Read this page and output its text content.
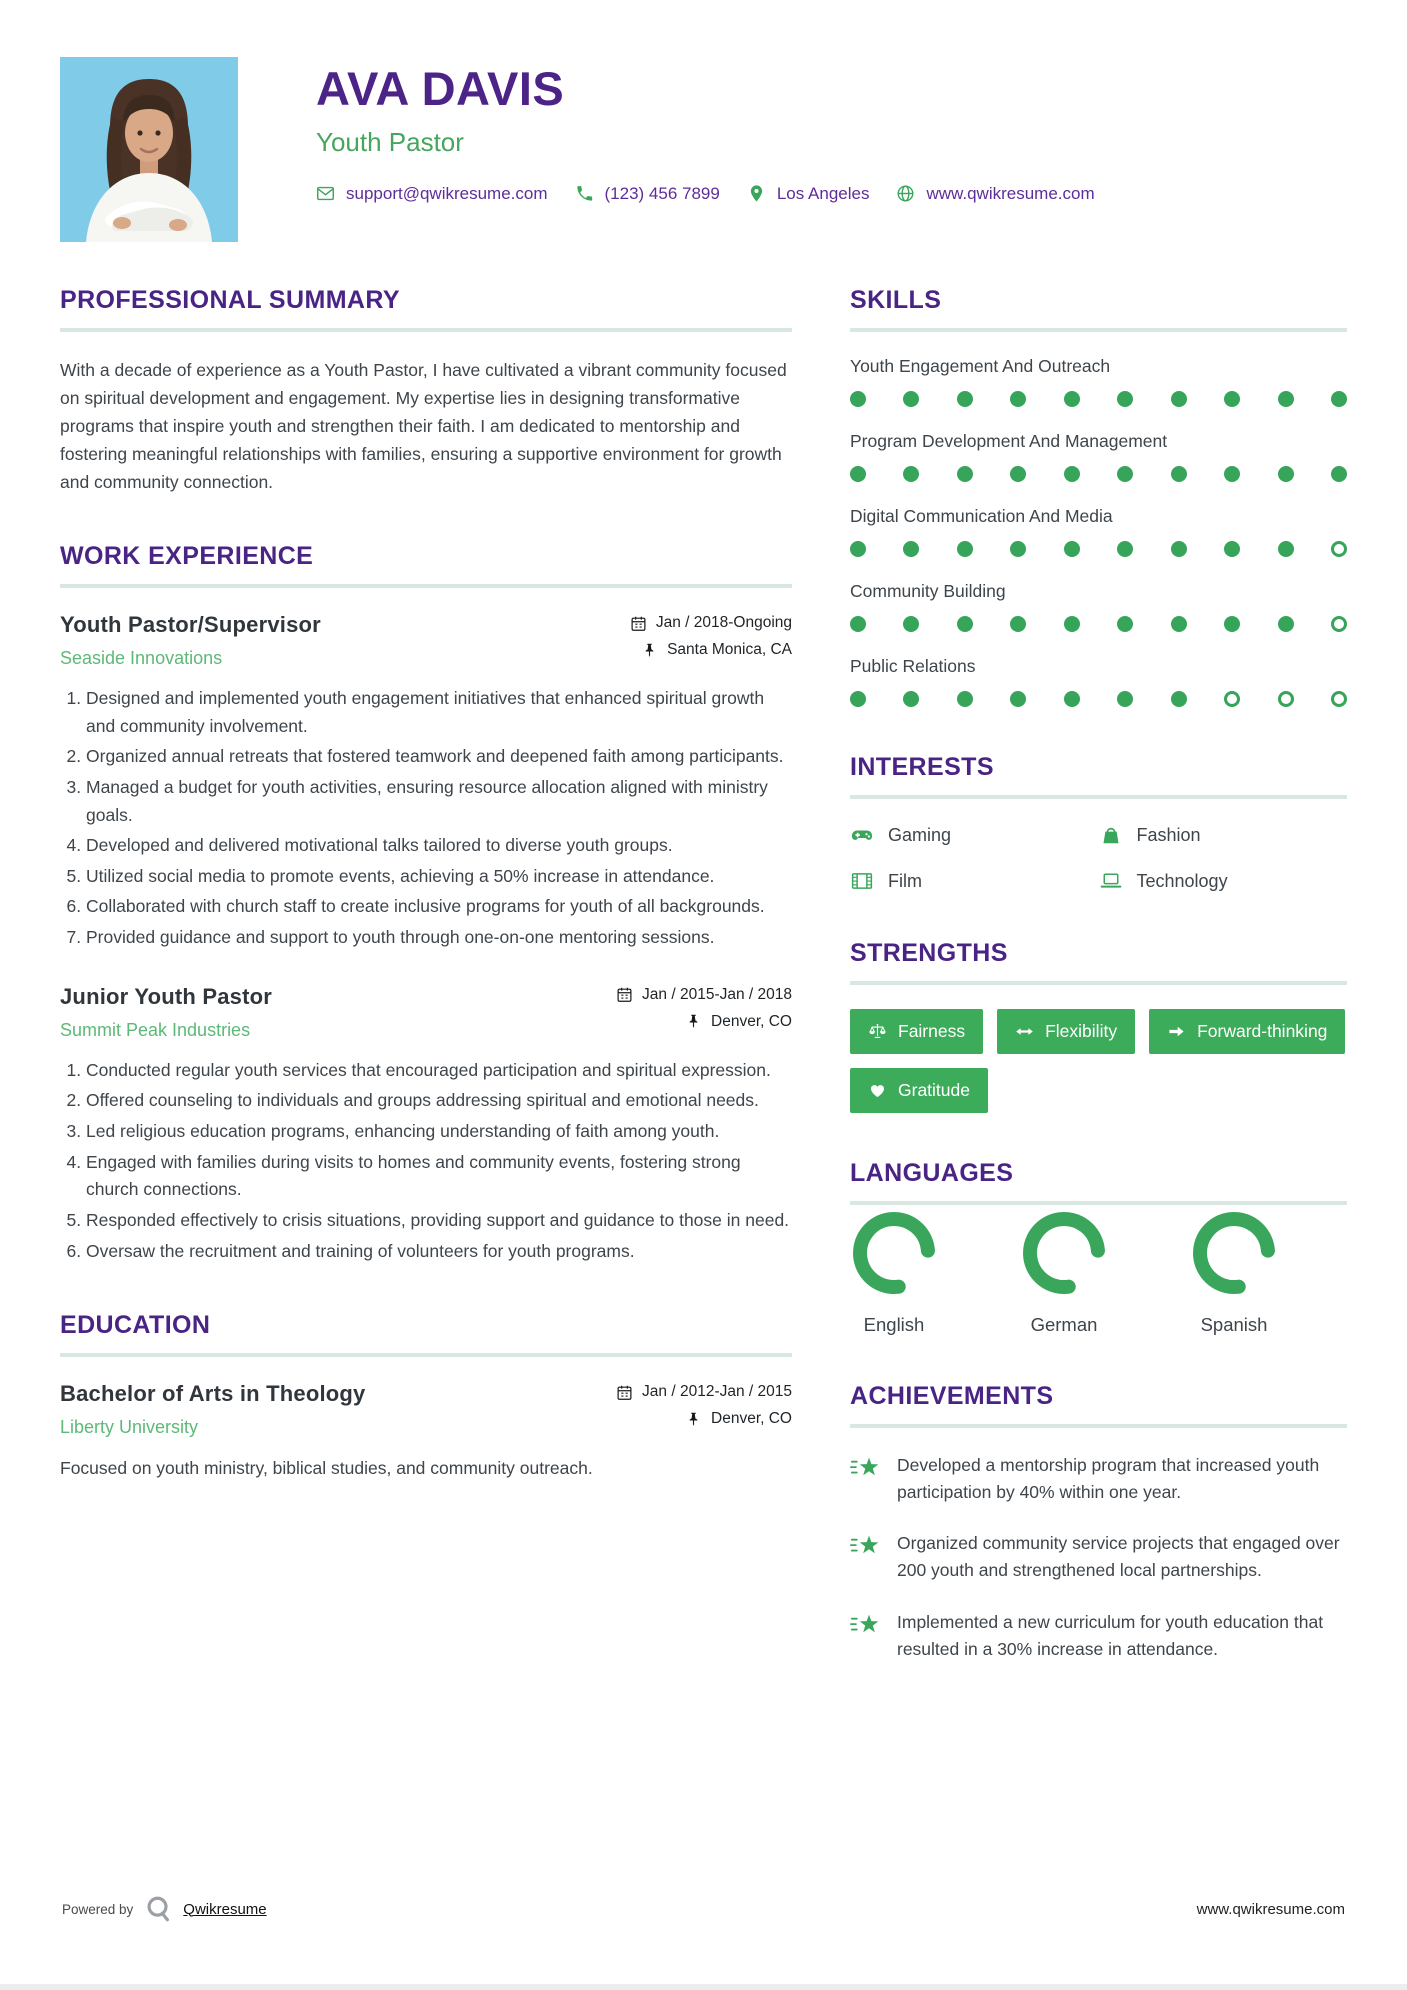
AVA DAVIS
Youth Pastor
support@qwikresume.com	(123) 456 7899	Los Angeles	www.qwikresume.com
PROFESSIONAL SUMMARY

With a decade of experience as a Youth Pastor, I have cultivated a vibrant community focused on spiritual development and engagement. My expertise lies in designing transformative programs that inspire youth and strengthen their faith. I am dedicated to mentorship and fostering meaningful relationships with families, ensuring a supportive environment for growth and community connection.

WORK EXPERIENCE
Youth Pastor/Supervisor
Seaside Innovations
Jan / 2018-Ongoing
Santa Monica, CA
1. Designed and implemented youth engagement initiatives that enhanced spiritual growth and community involvement.
2. Organized annual retreats that fostered teamwork and deepened faith among participants.
3. Managed a budget for youth activities, ensuring resource allocation aligned with ministry goals.
4. Developed and delivered motivational talks tailored to diverse youth groups.
5. Utilized social media to promote events, achieving a 50% increase in attendance.
6. Collaborated with church staff to create inclusive programs for youth of all backgrounds.
7. Provided guidance and support to youth through one-on-one mentoring sessions.
Junior Youth Pastor
Summit Peak Industries
Jan / 2015-Jan / 2018
Denver, CO
1. Conducted regular youth services that encouraged participation and spiritual expression.
2. Offered counseling to individuals and groups addressing spiritual and emotional needs.
3. Led religious education programs, enhancing understanding of faith among youth.
4. Engaged with families during visits to homes and community events, fostering strong church connections.
5. Responded effectively to crisis situations, providing support and guidance to those in need.
6. Oversaw the recruitment and training of volunteers for youth programs.
EDUCATION
Bachelor of Arts in Theology
Liberty University
Jan / 2012-Jan / 2015
Denver, CO

Focused on youth ministry, biblical studies, and community outreach.

SKILLS
Youth Engagement And Outreach
Program Development And Management
Digital Communication And Media
Community Building
Public Relations
INTERESTS
Gaming	Fashion
Film	Technology
STRENGTHS
Fairness	Flexibility	Forward-thinking
Gratitude
LANGUAGES
English	German	Spanish
ACHIEVEMENTS
Developed a mentorship program that increased youth participation by 40% within one year.
Organized community service projects that engaged over 200 youth and strengthened local partnerships.
Implemented a new curriculum for youth education that resulted in a 30% increase in attendance.
Powered by	Qwikresume	www.qwikresume.com
